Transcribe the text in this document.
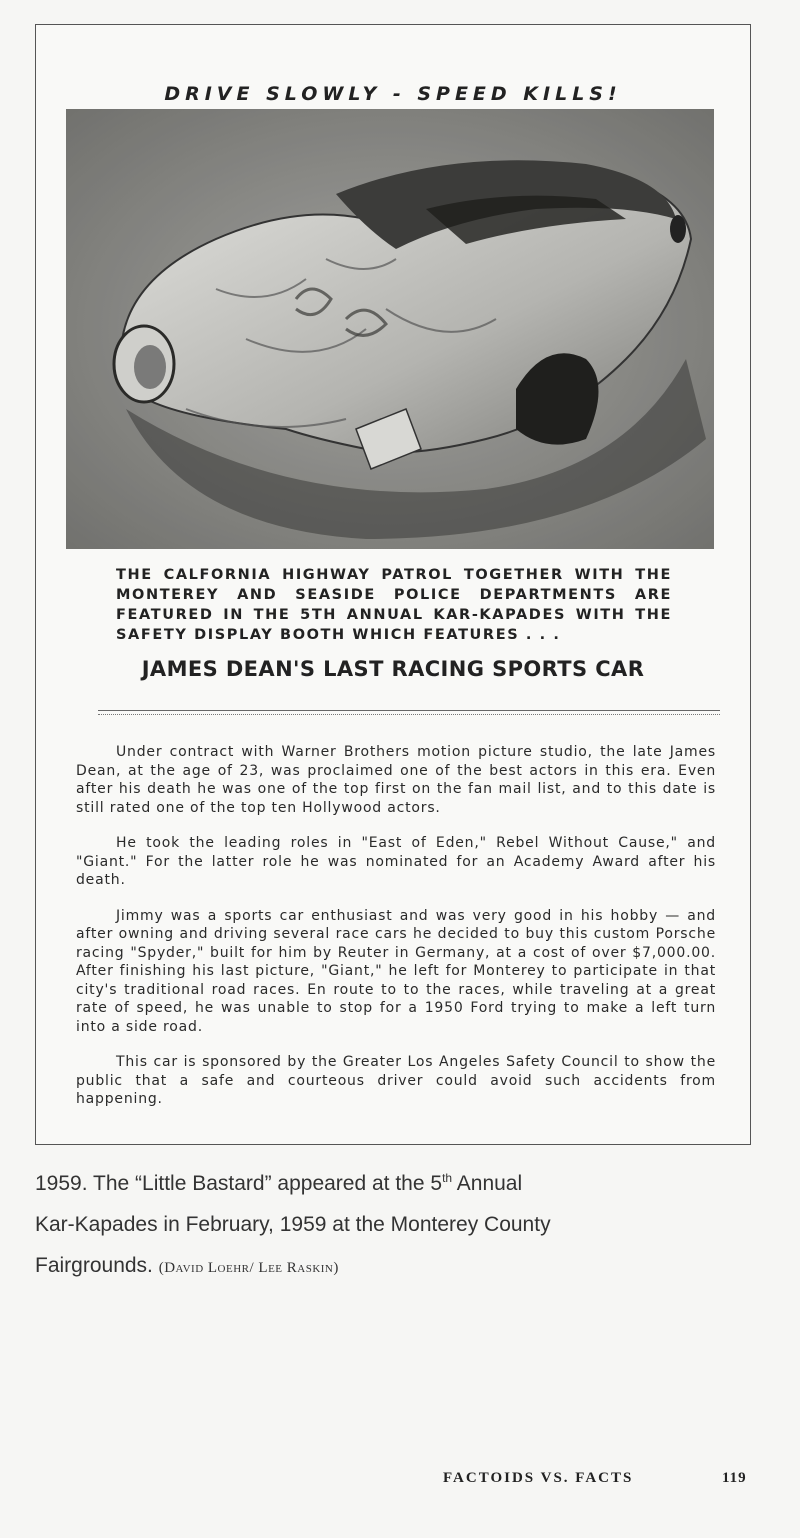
DRIVE SLOWLY - SPEED KILLS!

THE CALFORNIA HIGHWAY PATROL TOGETHER WITH THE MONTEREY AND SEASIDE POLICE DEPARTMENTS ARE FEATURED IN THE 5TH ANNUAL KAR-KAPADES WITH THE SAFETY DISPLAY BOOTH WHICH FEATURES . . .

JAMES DEAN'S LAST RACING SPORTS CAR

Under contract with Warner Brothers motion picture studio, the late James Dean, at the age of 23, was proclaimed one of the best actors in this era. Even after his death he was one of the top first on the fan mail list, and to this date is still rated one of the top ten Hollywood actors.

He took the leading roles in "East of Eden," Rebel Without Cause," and "Giant." For the latter role he was nominated for an Academy Award after his death.

Jimmy was a sports car enthusiast and was very good in his hobby — and after owning and driving several race cars he decided to buy this custom Porsche racing "Spyder," built for him by Reuter in Germany, at a cost of over $7,000.00. After finishing his last picture, "Giant," he left for Monterey to participate in that city's traditional road races. En route to to the races, while traveling at a great rate of speed, he was unable to stop for a 1950 Ford trying to make a left turn into a side road.

This car is sponsored by the Greater Los Angeles Safety Council to show the public that a safe and courteous driver could avoid such accidents from happening.

1959. The “Little Bastard” appeared at the 5th Annual
Kar-Kapades in February, 1959 at the Monterey County
Fairgrounds. (David Loehr/ Lee Raskin)
FACTOIDS VS. FACTS	119
